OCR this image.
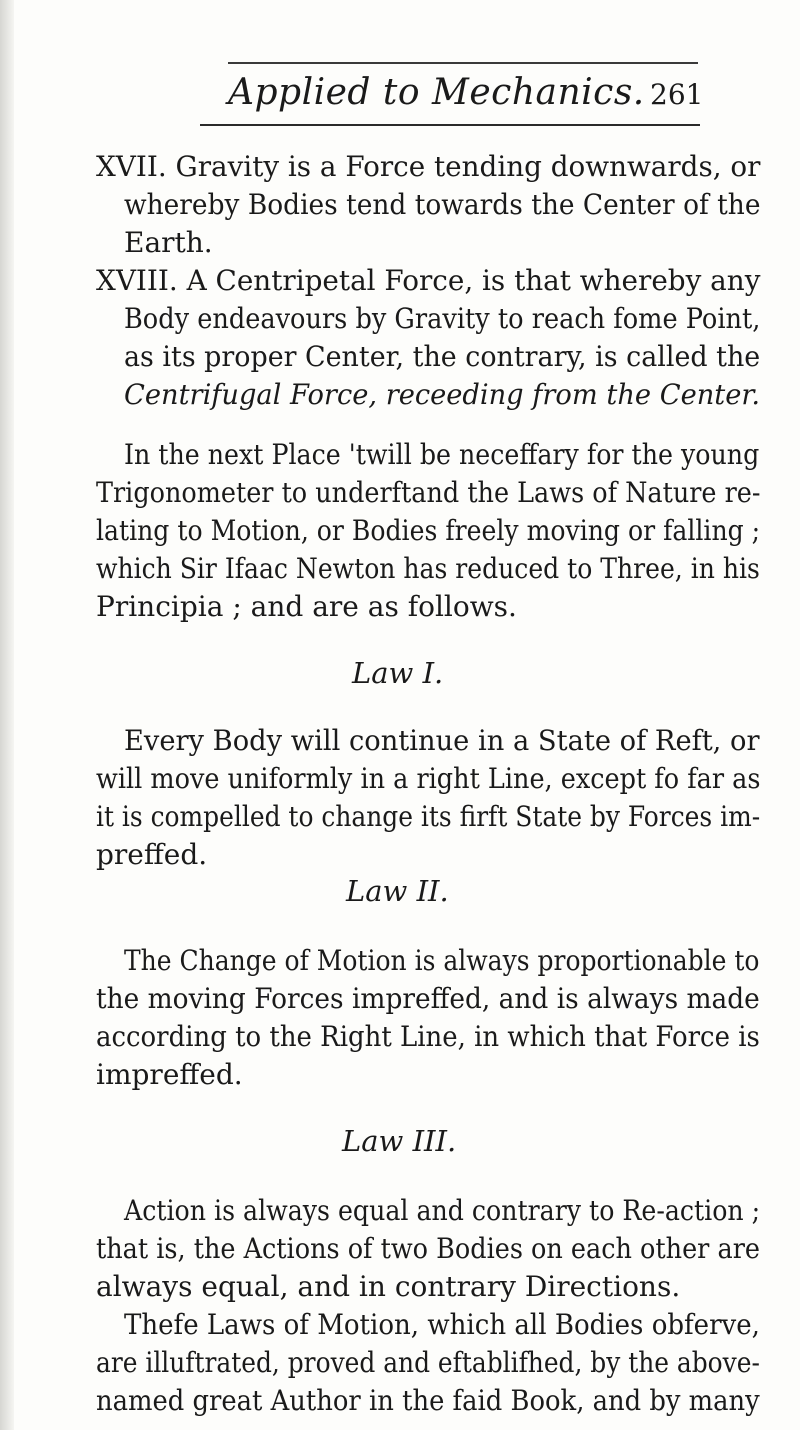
Applied to Mechanics. 261
XVII. Gravity is a Force tending downwards, or
whereby Bodies tend towards the Center of the
Earth.
XVIII. A Centripetal Force, is that whereby any
Body endeavours by Gravity to reach fome Point,
as its proper Center, the contrary, is called the
Centrifugal Force, receeding from the Center.
In the next Place 'twill be neceffary for the young
Trigonometer to underftand the Laws of Nature re-
lating to Motion, or Bodies freely moving or falling ;
which Sir Ifaac Newton has reduced to Three, in his
Principia ; and are as follows.
Law I.
Every Body will continue in a State of Reft, or
will move uniformly in a right Line, except fo far as
it is compelled to change its firft State by Forces im-
preffed.
Law II.
The Change of Motion is always proportionable to
the moving Forces impreffed, and is always made
according to the Right Line, in which that Force is
impreffed.
Law III.
Action is always equal and contrary to Re-action ;
that is, the Actions of two Bodies on each other are
always equal, and in contrary Directions.
Thefe Laws of Motion, which all Bodies obferve,
are illuftrated, proved and eftablifhed, by the above-
named great Author in the faid Book, and by many
